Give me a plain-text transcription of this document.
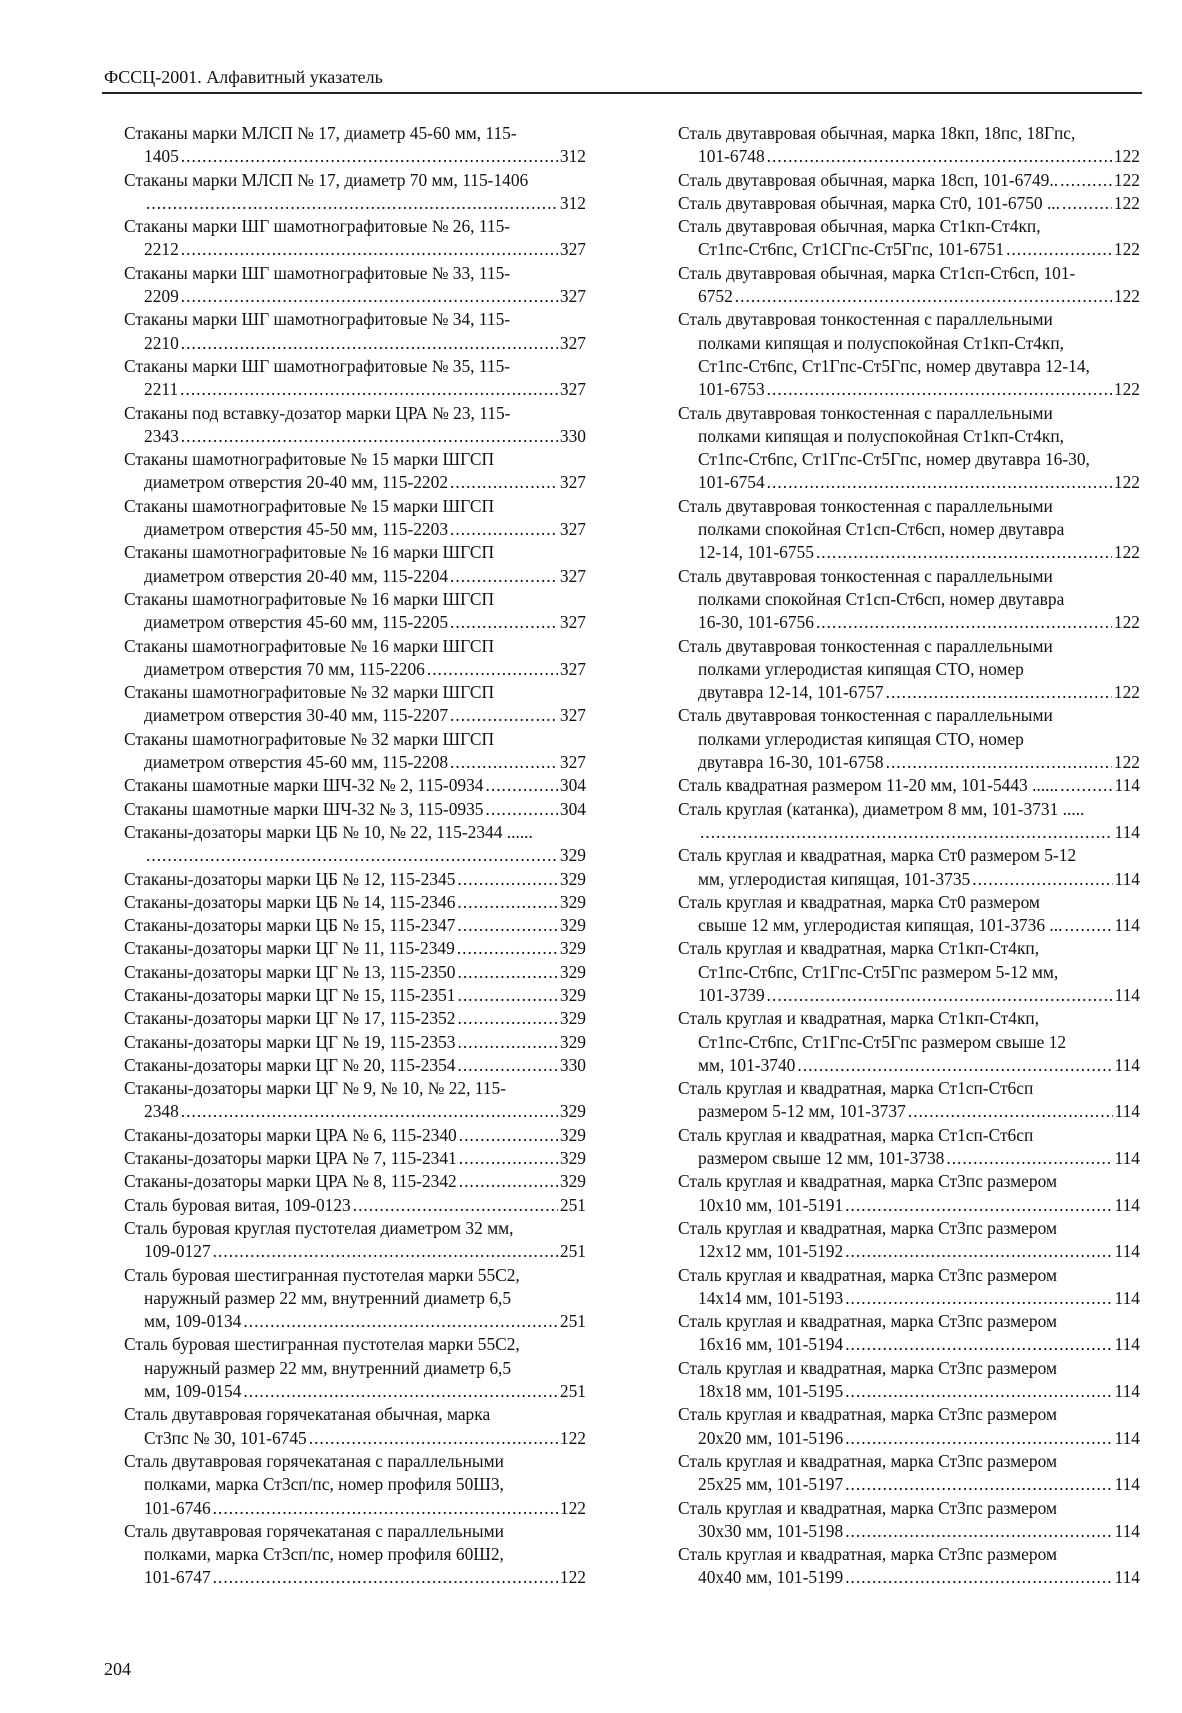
ФССЦ-2001. Алфавитный указатель
Стаканы марки МЛСП № 17, диаметр 45-60 мм, 115-
1405 .....	312
Стаканы марки МЛСП № 17, диаметр 70 мм, 115-1406
.....
312
Стаканы марки ШГ шамотнографитовые № 26, 115-
2212 .....	327
Стаканы марки ШГ шамотнографитовые № 33, 115-
2209 .....	327
Стаканы марки ШГ шамотнографитовые № 34, 115-
2210 .....	327
Стаканы марки ШГ шамотнографитовые № 35, 115-
2211 .....	327
Стаканы под вставку-дозатор марки ЦРА № 23, 115-
2343 .....	330
Стаканы шамотнографитовые № 15 марки ШГСП
диаметром отверстия 20-40 мм, 115-2202 .....	327
Стаканы шамотнографитовые № 15 марки ШГСП
диаметром отверстия 45-50 мм, 115-2203 .....	327
Стаканы шамотнографитовые № 16 марки ШГСП
диаметром отверстия 20-40 мм, 115-2204 .....	327
Стаканы шамотнографитовые № 16 марки ШГСП
диаметром отверстия 45-60 мм, 115-2205 .....	327
Стаканы шамотнографитовые № 16 марки ШГСП
диаметром отверстия 70 мм, 115-2206 .....	327
Стаканы шамотнографитовые № 32 марки ШГСП
диаметром отверстия 30-40 мм, 115-2207 .....	327
Стаканы шамотнографитовые № 32 марки ШГСП
диаметром отверстия 45-60 мм, 115-2208 .....	327
Стаканы шамотные марки ШЧ-32 № 2, 115-0934 .....	304
Стаканы шамотные марки ШЧ-32 № 3, 115-0935 .....	304
Стаканы-дозаторы марки ЦБ № 10, № 22, 115-2344 ......
.....
329
Стаканы-дозаторы марки ЦБ № 12, 115-2345 .....	329
Стаканы-дозаторы марки ЦБ № 14, 115-2346 .....	329
Стаканы-дозаторы марки ЦБ № 15, 115-2347 .....	329
Стаканы-дозаторы марки ЦГ № 11, 115-2349 .....	329
Стаканы-дозаторы марки ЦГ № 13, 115-2350 .....	329
Стаканы-дозаторы марки ЦГ № 15, 115-2351 .....	329
Стаканы-дозаторы марки ЦГ № 17, 115-2352 .....	329
Стаканы-дозаторы марки ЦГ № 19, 115-2353 .....	329
Стаканы-дозаторы марки ЦГ № 20, 115-2354 .....	330
Стаканы-дозаторы марки ЦГ № 9, № 10, № 22, 115-
2348 .....	329
Стаканы-дозаторы марки ЦРА № 6, 115-2340 .....	329
Стаканы-дозаторы марки ЦРА № 7, 115-2341 .....	329
Стаканы-дозаторы марки ЦРА № 8, 115-2342 .....	329
Сталь буровая витая, 109-0123 .....	251
Сталь буровая круглая пустотелая диаметром 32 мм,
109-0127 .....	251
Сталь буровая шестигранная пустотелая марки 55С2,
наружный размер 22 мм, внутренний диаметр 6,5
мм, 109-0134 .....	251
Сталь буровая шестигранная пустотелая марки 55С2,
наружный размер 22 мм, внутренний диаметр 6,5
мм, 109-0154 .....	251
Сталь двутавровая горячекатаная обычная, марка
Ст3пс № 30, 101-6745 .....	122
Сталь двутавровая горячекатаная с параллельными
полками, марка Ст3сп/пс, номер профиля 50Ш3,
101-6746 .....	122
Сталь двутавровая горячекатаная с параллельными
полками, марка Ст3сп/пс, номер профиля 60Ш2,
101-6747 .....	122
Сталь двутавровая обычная, марка 18кп, 18пс, 18Гпс,
101-6748 .....	122
Сталь двутавровая обычная, марка 18сп, 101-6749.. .....	122
Сталь двутавровая обычная, марка Ст0, 101-6750 ... .....	122
Сталь двутавровая обычная, марка Ст1кп-Ст4кп,
Ст1пс-Ст6пс, Ст1СГпс-Ст5Гпс, 101-6751 .....	122
Сталь двутавровая обычная, марка Ст1сп-Ст6сп, 101-
6752 .....	122
Сталь двутавровая тонкостенная с параллельными
полками кипящая и полуспокойная Ст1кп-Ст4кп,
Ст1пс-Ст6пс, Ст1Гпс-Ст5Гпс, номер двутавра 12-14,
101-6753 .....	122
Сталь двутавровая тонкостенная с параллельными
полками кипящая и полуспокойная Ст1кп-Ст4кп,
Ст1пс-Ст6пс, Ст1Гпс-Ст5Гпс, номер двутавра 16-30,
101-6754 .....	122
Сталь двутавровая тонкостенная с параллельными
полками спокойная Ст1сп-Ст6сп, номер двутавра
12-14, 101-6755 .....	122
Сталь двутавровая тонкостенная с параллельными
полками спокойная Ст1сп-Ст6сп, номер двутавра
16-30, 101-6756 .....	122
Сталь двутавровая тонкостенная с параллельными
полками углеродистая кипящая СТО, номер
двутавра 12-14, 101-6757 .....	122
Сталь двутавровая тонкостенная с параллельными
полками углеродистая кипящая СТО, номер
двутавра 16-30, 101-6758 .....	122
Сталь квадратная размером 11-20 мм, 101-5443 ...... .....	114
Сталь круглая (катанка), диаметром 8 мм, 101-3731 .....
.....
114
Сталь круглая и квадратная, марка Ст0 размером 5-12
мм, углеродистая кипящая, 101-3735 .....	114
Сталь круглая и квадратная, марка Ст0 размером
свыше 12 мм, углеродистая кипящая, 101-3736 ... .....	114
Сталь круглая и квадратная, марка Ст1кп-Ст4кп,
Ст1пс-Ст6пс, Ст1Гпс-Ст5Гпс размером 5-12 мм,
101-3739 .....	114
Сталь круглая и квадратная, марка Ст1кп-Ст4кп,
Ст1пс-Ст6пс, Ст1Гпс-Ст5Гпс размером свыше 12
мм, 101-3740 .....	114
Сталь круглая и квадратная, марка Ст1сп-Ст6сп
размером 5-12 мм, 101-3737 .....	114
Сталь круглая и квадратная, марка Ст1сп-Ст6сп
размером свыше 12 мм, 101-3738 .....	114
Сталь круглая и квадратная, марка Ст3пс размером
10х10 мм, 101-5191 .....	114
Сталь круглая и квадратная, марка Ст3пс размером
12х12 мм, 101-5192 .....	114
Сталь круглая и квадратная, марка Ст3пс размером
14х14 мм, 101-5193 .....	114
Сталь круглая и квадратная, марка Ст3пс размером
16х16 мм, 101-5194 .....	114
Сталь круглая и квадратная, марка Ст3пс размером
18х18 мм, 101-5195 .....	114
Сталь круглая и квадратная, марка Ст3пс размером
20х20 мм, 101-5196 .....	114
Сталь круглая и квадратная, марка Ст3пс размером
25х25 мм, 101-5197 .....	114
Сталь круглая и квадратная, марка Ст3пс размером
30х30 мм, 101-5198 .....	114
Сталь круглая и квадратная, марка Ст3пс размером
40х40 мм, 101-5199 .....	114
204
